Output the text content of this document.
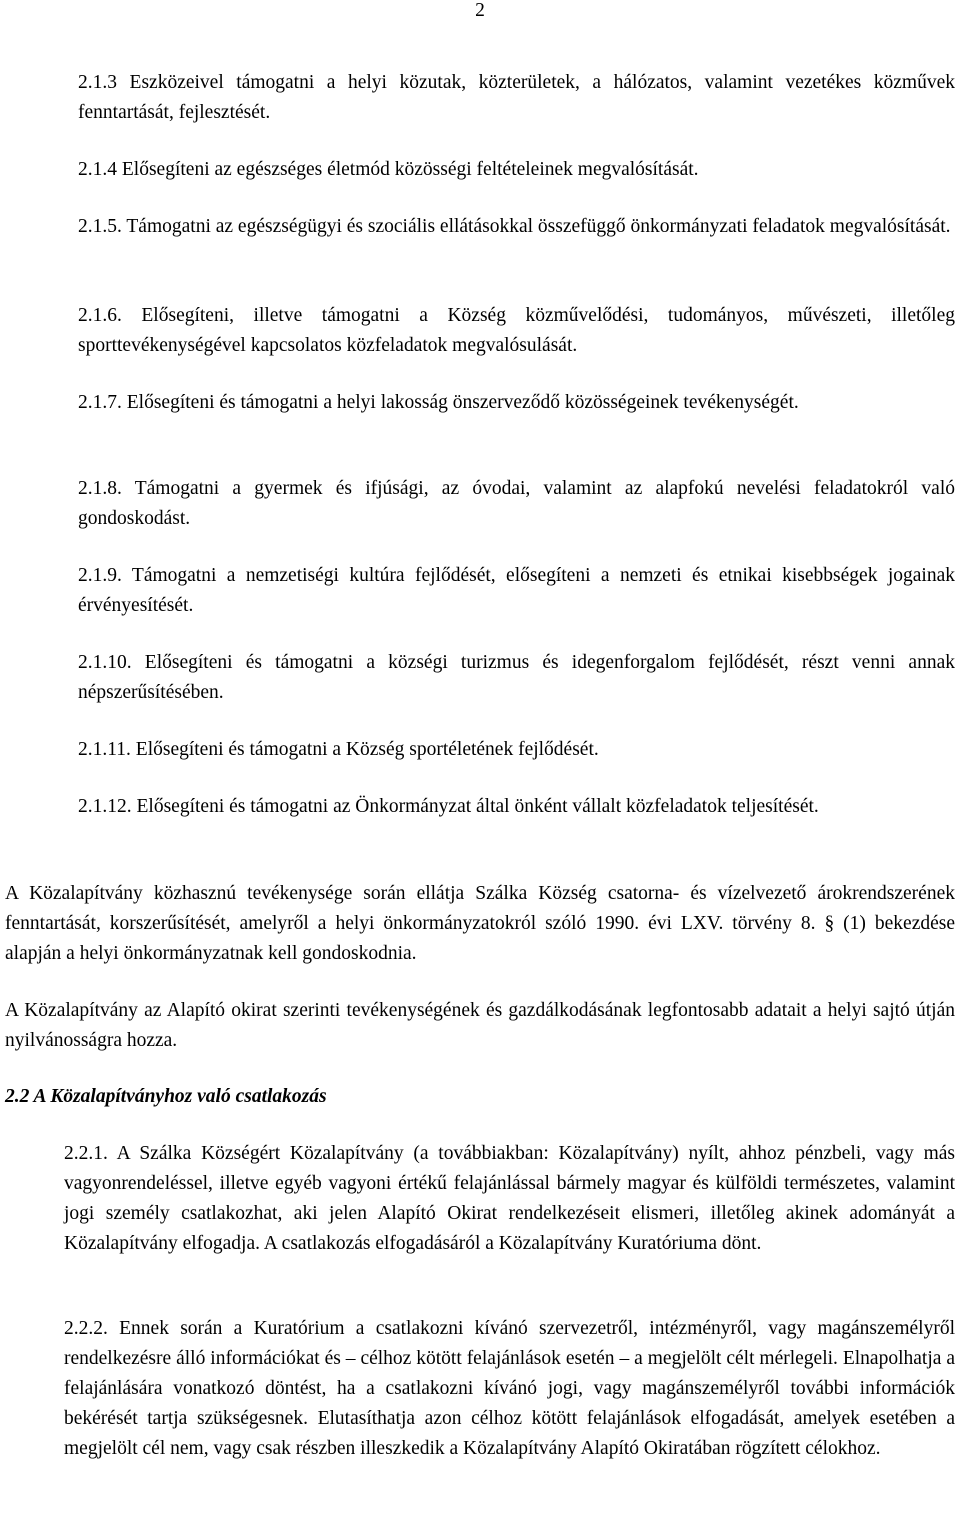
2
2.1.3 Eszközeivel támogatni a helyi közutak, közterületek, a hálózatos, valamint vezetékes közművek fenntartását, fejlesztését.
2.1.4 Elősegíteni az egészséges életmód közösségi feltételeinek megvalósítását.
2.1.5. Támogatni az egészségügyi és szociális ellátásokkal összefüggő önkormányzati feladatok megvalósítását.
2.1.6. Elősegíteni, illetve támogatni a Község közművelődési, tudományos, művészeti, illetőleg sporttevékenységével kapcsolatos közfeladatok megvalósulását.
2.1.7. Elősegíteni és támogatni a helyi lakosság önszerveződő közösségeinek tevékenységét.
2.1.8. Támogatni a gyermek és ifjúsági, az óvodai, valamint az alapfokú nevelési feladatokról való gondoskodást.
2.1.9. Támogatni a nemzetiségi kultúra fejlődését, elősegíteni a nemzeti és etnikai kisebbségek jogainak érvényesítését.
2.1.10. Elősegíteni és támogatni a községi turizmus és idegenforgalom fejlődését, részt venni annak népszerűsítésében.
2.1.11. Elősegíteni és támogatni a Község sportéletének fejlődését.
2.1.12. Elősegíteni és támogatni az Önkormányzat által önként vállalt közfeladatok teljesítését.
A Közalapítvány közhasznú tevékenysége során ellátja Szálka Község csatorna- és vízelvezető árokrendszerének fenntartását, korszerűsítését, amelyről a helyi önkormányzatokról szóló 1990. évi LXV. törvény 8. § (1) bekezdése alapján a helyi önkormányzatnak kell gondoskodnia.
A Közalapítvány az Alapító okirat szerinti tevékenységének és gazdálkodásának legfontosabb adatait a helyi sajtó útján nyilvánosságra hozza.
2.2 A Közalapítványhoz való csatlakozás
2.2.1. A Szálka Községért Közalapítvány (a továbbiakban: Közalapítvány) nyílt, ahhoz pénzbeli, vagy más vagyonrendeléssel, illetve egyéb vagyoni értékű felajánlással bármely magyar és külföldi természetes, valamint jogi személy csatlakozhat, aki jelen Alapító Okirat rendelkezéseit elismeri, illetőleg akinek adományát a Közalapítvány elfogadja. A csatlakozás elfogadásáról a Közalapítvány Kuratóriuma dönt.
2.2.2. Ennek során a Kuratórium a csatlakozni kívánó szervezetről, intézményről, vagy magánszemélyről rendelkezésre álló információkat és – célhoz kötött felajánlások esetén – a megjelölt célt mérlegeli. Elnapolhatja a felajánlására vonatkozó döntést, ha a csatlakozni kívánó jogi, vagy magánszemélyről további információk bekérését tartja szükségesnek. Elutasíthatja azon célhoz kötött felajánlások elfogadását, amelyek esetében a megjelölt cél nem, vagy csak részben illeszkedik a Közalapítvány Alapító Okiratában rögzített célokhoz.
